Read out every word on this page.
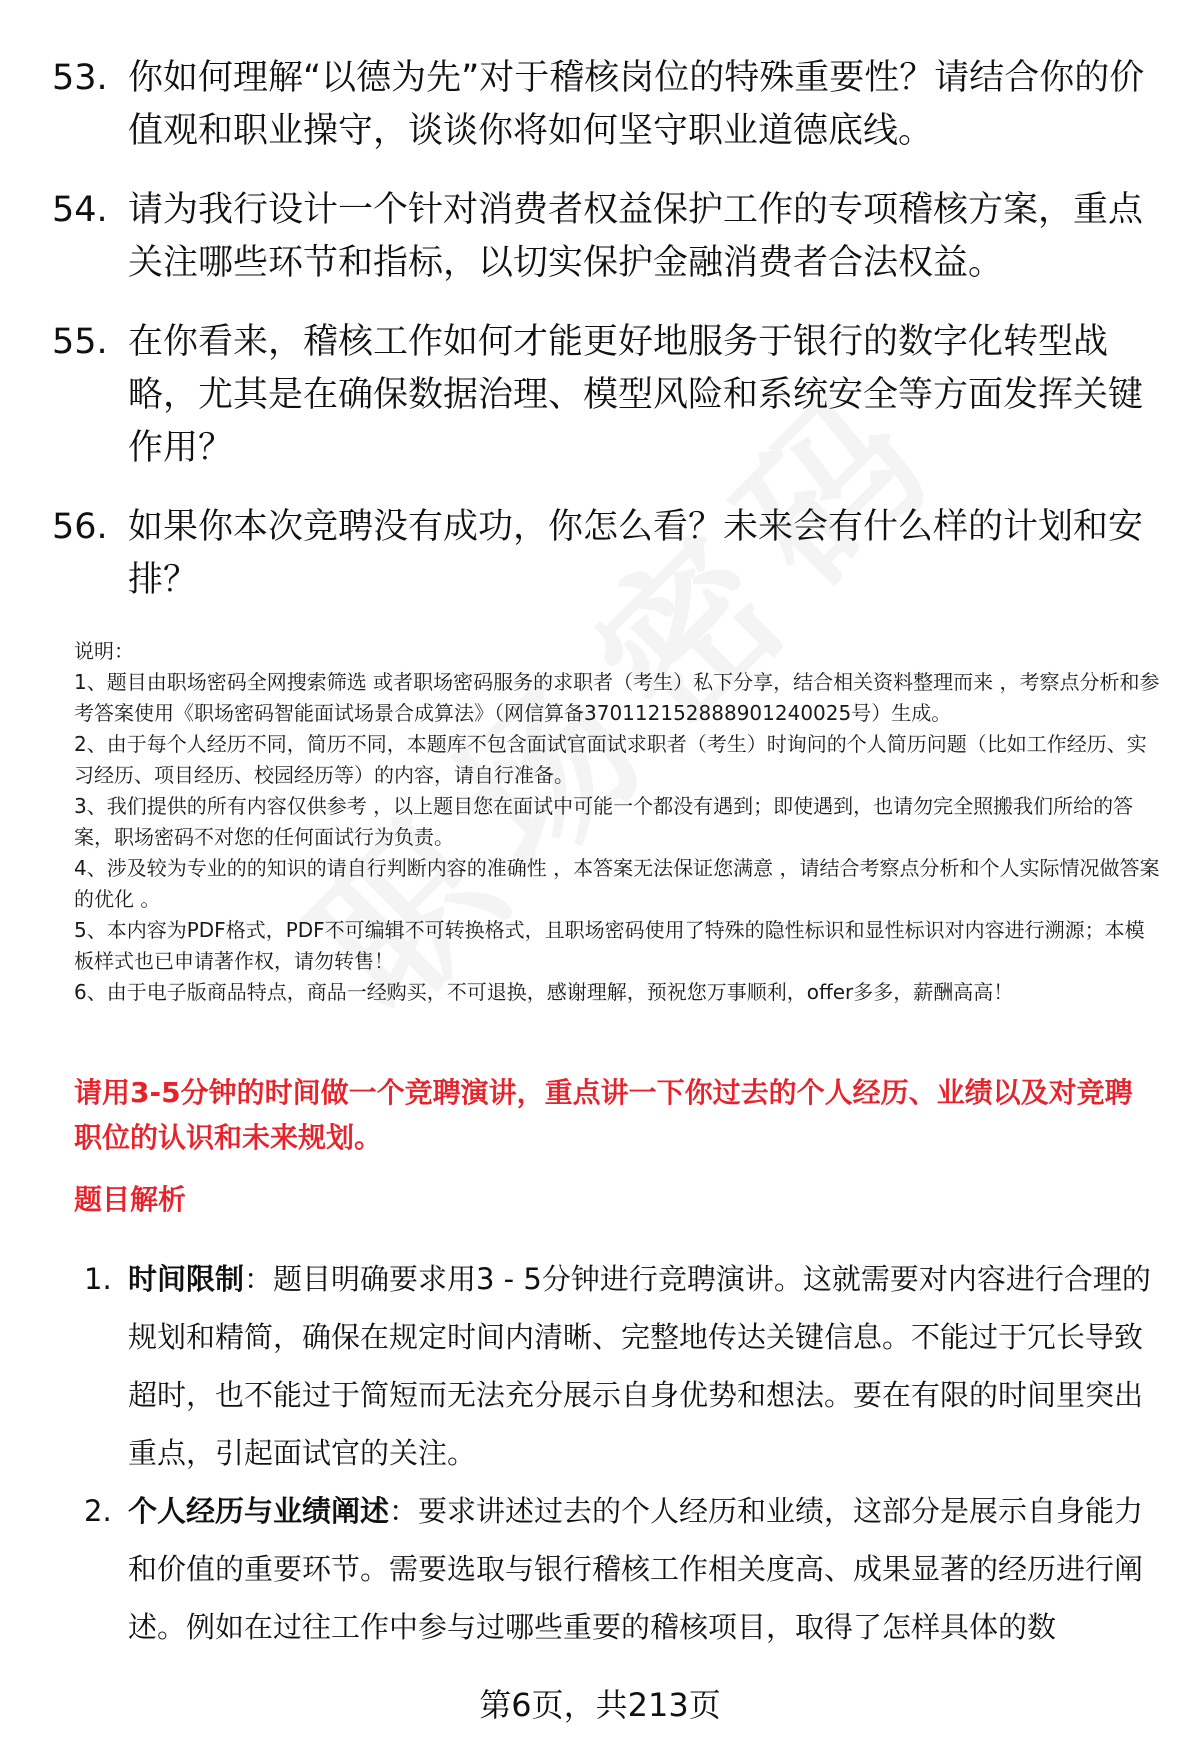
53. 你如何理解“以德为先”对于稽核岗位的特殊重要性？请结合你的价值观和职业操守，谈谈你将如何坚守职业道德底线。
54. 请为我行设计一个针对消费者权益保护工作的专项稽核方案，重点关注哪些环节和指标，以切实保护金融消费者合法权益。
55. 在你看来，稽核工作如何才能更好地服务于银行的数字化转型战略，尤其是在确保数据治理、模型风险和系统安全等方面发挥关键作用？
56. 如果你本次竞聘没有成功，你怎么看？未来会有什么样的计划和安排？

说明：

1、题目由职场密码全网搜索筛选 或者职场密码服务的求职者（考生）私下分享，结合相关资料整理而来 ，考察点分析和参考答案使用《职场密码智能面试场景合成算法》（网信算备370112152888901240025号）生成。

2、由于每个人经历不同，简历不同，本题库不包含面试官面试求职者（考生）时询问的个人简历问题（比如工作经历、实习经历、项目经历、校园经历等）的内容，请自行准备。

3、我们提供的所有内容仅供参考 ，以上题目您在面试中可能一个都没有遇到；即使遇到，也请勿完全照搬我们所给的答案，职场密码不对您的任何面试行为负责。

4、涉及较为专业的的知识的请自行判断内容的准确性 ，本答案无法保证您满意 ，请结合考察点分析和个人实际情况做答案的优化 。

5、本内容为PDF格式，PDF不可编辑不可转换格式，且职场密码使用了特殊的隐性标识和显性标识对内容进行溯源；本模板样式也已申请著作权，请勿转售！

6、由于电子版商品特点，商品一经购买，不可退换，感谢理解，预祝您万事顺利，offer多多，薪酬高高！

请用3-5分钟的时间做一个竞聘演讲，重点讲一下你过去的个人经历、业绩以及对竞聘职位的认识和未来规划。
题目解析
1. 时间限制：题目明确要求用3 - 5分钟进行竞聘演讲。这就需要对内容进行合理的规划和精简，确保在规定时间内清晰、完整地传达关键信息。不能过于冗长导致超时，也不能过于简短而无法充分展示自身优势和想法。要在有限的时间里突出重点，引起面试官的关注。
2. 个人经历与业绩阐述：要求讲述过去的个人经历和业绩，这部分是展示自身能力和价值的重要环节。需要选取与银行稽核工作相关度高、成果显著的经历进行阐述。例如在过往工作中参与过哪些重要的稽核项目，取得了怎样具体的数
第6页，共213页
